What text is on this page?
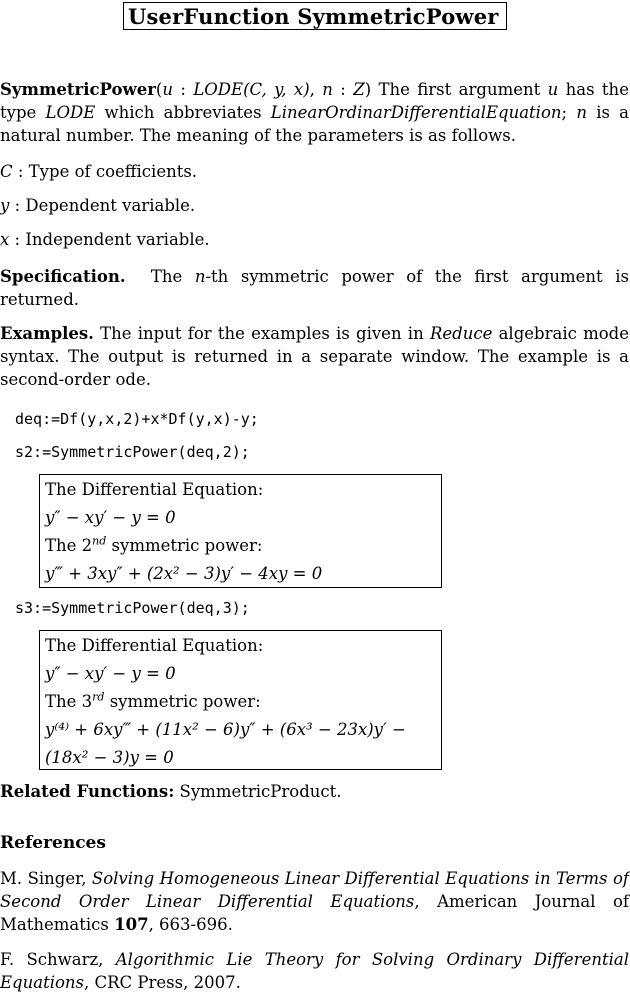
UserFunction SymmetricPower

SymmetricPower(u : LODE(C, y, x), n : Z) The first argument u has the type LODE which abbreviates LinearOrdinarDifferentialEquation; n is a natural number. The meaning of the parameters is as follows.

C : Type of coefficients.
y : Dependent variable.
x : Independent variable.

Specification. The n-th symmetric power of the first argument is returned.

Examples. The input for the examples is given in Reduce algebraic mode syntax. The output is returned in a separate window. The example is a second-order ode.

deq:=Df(y,x,2)+x*Df(y,x)-y;
s2:=SymmetricPower(deq,2);
The Differential Equation:
y″ − xy′ − y = 0
The 2nd symmetric power:
y‴ + 3xy″ + (2x² − 3)y′ − 4xy = 0
s3:=SymmetricPower(deq,3);
The Differential Equation:
y″ − xy′ − y = 0
The 3rd symmetric power:
y⁽⁴⁾ + 6xy‴ + (11x² − 6)y″ + (6x³ − 23x)y′ − (18x² − 3)y = 0
Related Functions: SymmetricProduct.
References

M. Singer, Solving Homogeneous Linear Differential Equations in Terms of Second Order Linear Differential Equations, American Journal of Mathematics 107, 663-696.

F. Schwarz, Algorithmic Lie Theory for Solving Ordinary Differential Equations, CRC Press, 2007.
